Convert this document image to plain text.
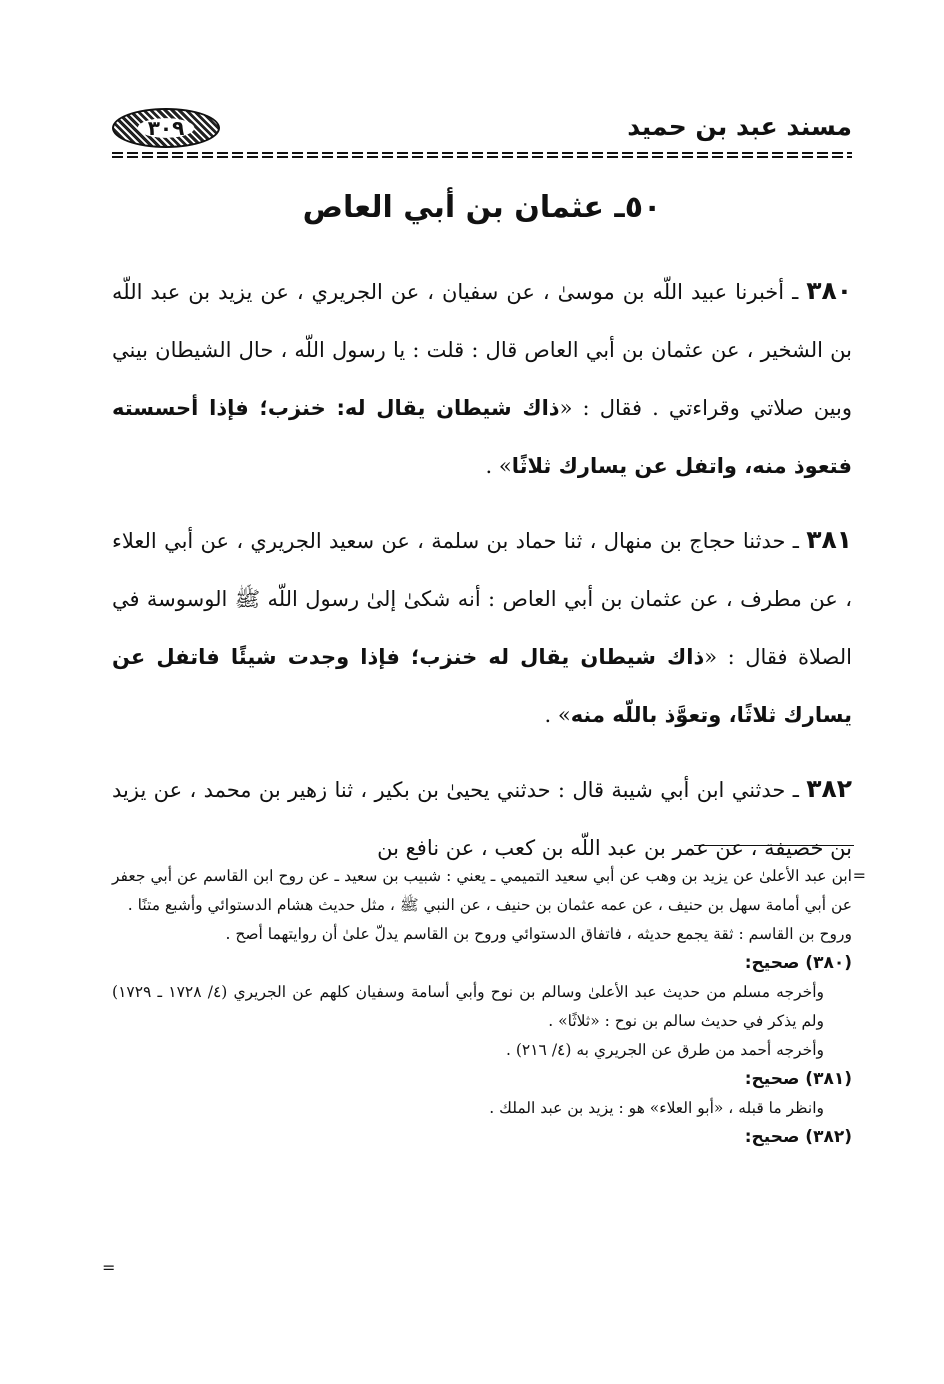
مسند عبد بن حميد
٣٠٩
٥٠ـ عثمان بن أبي العاص

٣٨٠ ـ أخبرنا عبيد اللّه بن موسىٰ ، عن سفيان ، عن الجريري ، عن يزيد بن عبد اللّه بن الشخير ، عن عثمان بن أبي العاص قال : قلت : يا رسول اللّه ، حال الشيطان بيني وبين صلاتي وقراءتي . فقال : «ذاك شيطان يقال له: خنزب؛ فإذا أحسسته فتعوذ منه، واتفل عن يسارك ثلاثًا» .

٣٨١ ـ حدثنا حجاج بن منهال ، ثنا حماد بن سلمة ، عن سعيد الجريري ، عن أبي العلاء ، عن مطرف ، عن عثمان بن أبي العاص : أنه شكىٰ إلىٰ رسول اللّه ﷺ الوسوسة في الصلاة فقال : «ذاك شيطان يقال له خنزب؛ فإذا وجدت شيئًا فاتفل عن يسارك ثلاثًا، وتعوَّذ باللّه منه» .

٣٨٢ ـ حدثني ابن أبي شيبة قال : حدثني يحيىٰ بن بكير ، ثنا زهير بن محمد ، عن يزيد بن خصيفة ، عن عمر بن عبد اللّه بن كعب ، عن نافع بن

=

ابن عبد الأعلىٰ عن يزيد بن وهب عن أبي سعيد التميمي ـ يعني : شبيب بن سعيد ـ عن روح ابن القاسم عن أبي جعفر عن أبي أمامة سهل بن حنيف ، عن عمه عثمان بن حنيف ، عن النبي ﷺ ، مثل حديث هشام الدستوائي وأشبع متنًا .

وروح بن القاسم : ثقة يجمع حديثه ، فاتفاق الدستوائي وروح بن القاسم يدلّ علىٰ أن روايتهما أصح .

(٣٨٠) صحيح:

وأخرجه مسلم من حديث عبد الأعلىٰ وسالم بن نوح وأبي أسامة وسفيان كلهم عن الجريري (٤/ ١٧٢٨ ـ ١٧٢٩) ولم يذكر في حديث سالم بن نوح : «ثلاثًا» .

وأخرجه أحمد من طرق عن الجريري به (٤/ ٢١٦) .

(٣٨١) صحيح:

وانظر ما قبله ، «أبو العلاء» هو : يزيد بن عبد الملك .

(٣٨٢) صحيح:

=
